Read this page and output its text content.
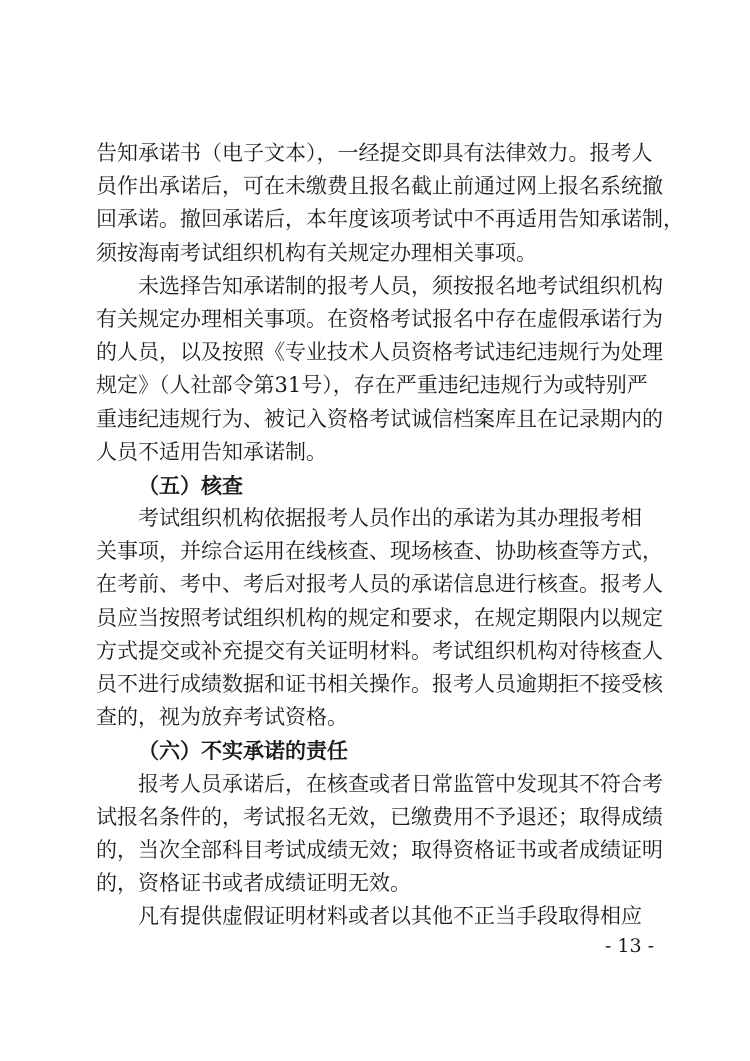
告知承诺书（电子文本），一经提交即具有法律效力。报考人
员作出承诺后，可在未缴费且报名截止前通过网上报名系统撤
回承诺。撤回承诺后，本年度该项考试中不再适用告知承诺制，
须按海南考试组织机构有关规定办理相关事项。
未选择告知承诺制的报考人员，须按报名地考试组织机构
有关规定办理相关事项。在资格考试报名中存在虚假承诺行为
的人员，以及按照《专业技术人员资格考试违纪违规行为处理
规定》（人社部令第31号），存在严重违纪违规行为或特别严
重违纪违规行为、被记入资格考试诚信档案库且在记录期内的
人员不适用告知承诺制。
（五）核查
考试组织机构依据报考人员作出的承诺为其办理报考相
关事项，并综合运用在线核查、现场核查、协助核查等方式，
在考前、考中、考后对报考人员的承诺信息进行核查。报考人
员应当按照考试组织机构的规定和要求，在规定期限内以规定
方式提交或补充提交有关证明材料。考试组织机构对待核查人
员不进行成绩数据和证书相关操作。报考人员逾期拒不接受核
查的，视为放弃考试资格。
（六）不实承诺的责任
报考人员承诺后，在核查或者日常监管中发现其不符合考
试报名条件的，考试报名无效，已缴费用不予退还；取得成绩
的，当次全部科目考试成绩无效；取得资格证书或者成绩证明
的，资格证书或者成绩证明无效。
凡有提供虚假证明材料或者以其他不正当手段取得相应
- 13 -
